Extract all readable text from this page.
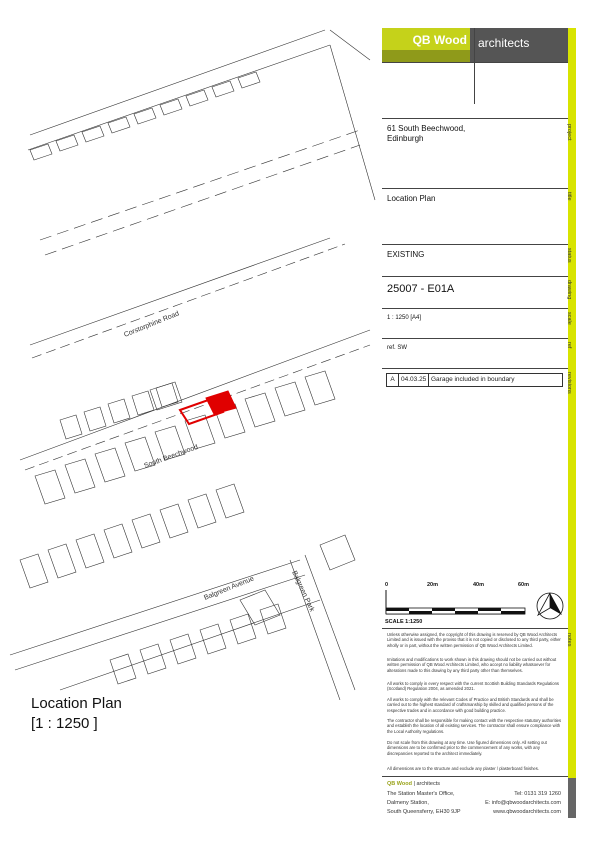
Corstorphine Road
South Beechwood
Balgreen Avenue	Balgreen Park
QB Wood architects
61 South Beechwood,
Edinburgh	project
Location Plan	title
EXISTING	status
25007 - E01A	drawing
1 : 1250 [A4]	scale
ref. SW	ref
A 04.03.25 Garage included in boundary	revisions
0	20m	40m	60m
SCALE 1:1250
notes
Unless otherwise assigned, the copyright of this drawing is reserved by QB Wood Architects Limited and is issued with the proviso that it is not copied or disclosed to any third party, either wholly or in part, without the written permission of QB Wood Architects Limited.
Imitations and modifications to work shown in this drawing should not be carried out without written permission of QB Wood Architects Limited, who accept no liability whatsoever for alterations made to this drawing by any third party other than themselves.
All works to comply in every respect with the current Scottish Building Standards Regulations (Scotland) Regulation 2004, as amended 2021.
All works to comply with the relevant Codes of Practice and British Standards and shall be carried out to the highest standard of craftsmanship by skilled and qualified persons of the respective trades and in accordance with good building practice.
The contractor shall be responsible for making contact with the respective statutory authorities and establish the location of all existing services. The contractor shall ensure compliance with the Local Authority regulations.
Do not scale from this drawing at any time. Use figured dimensions only. All setting out dimensions are to be confirmed prior to the commencement of any works, with any discrepancies reported to the architect immediately.
All dimensions are to the structure and exclude any plaster / plasterboard finishes.
QB Wood | architects
The Station Master's Office,
Dalmeny Station,
South Queensferry, EH30 9JP
Tel: 0131 319 1260
E: info@qbwoodarchitects.com
www.qbwoodarchitects.com
Location Plan
[1 : 1250 ]
